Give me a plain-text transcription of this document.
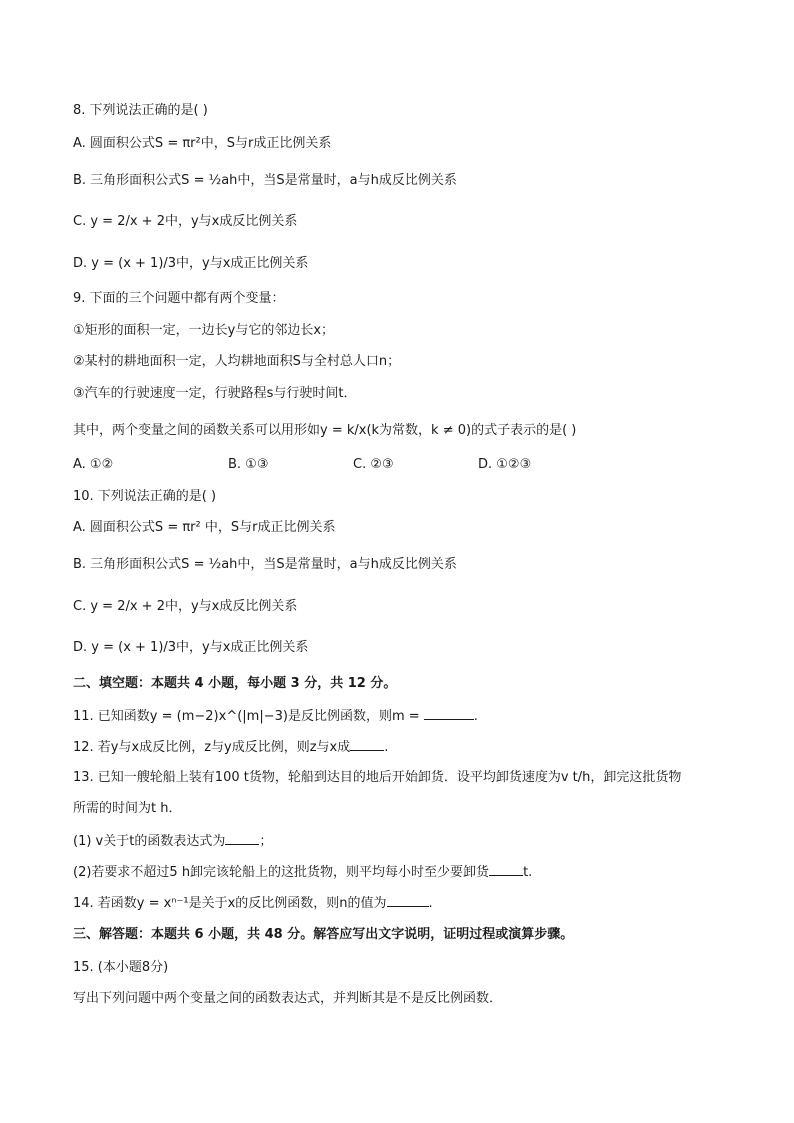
8. 下列说法正确的是( )
A. 圆面积公式S = πr²中，S与r成正比例关系
B. 三角形面积公式S = ½ah中，当S是常量时，a与h成反比例关系
C. y = 2/x + 2中，y与x成反比例关系
D. y = (x + 1)/3中，y与x成正比例关系
9. 下面的三个问题中都有两个变量：
①矩形的面积一定，一边长y与它的邻边长x；
②某村的耕地面积一定，人均耕地面积S与全村总人口n；
③汽车的行驶速度一定，行驶路程s与行驶时间t．
其中，两个变量之间的函数关系可以用形如y = k/x(k为常数，k ≠ 0)的式子表示的是( )
A. ①②	B. ①③	C. ②③	D. ①②③
10. 下列说法正确的是( )
A. 圆面积公式S = πr² 中，S与r成正比例关系
B. 三角形面积公式S = ½ah中，当S是常量时，a与h成反比例关系
C. y = 2/x + 2中，y与x成反比例关系
D. y = (x + 1)/3中，y与x成正比例关系
二、填空题：本题共 4 小题，每小题 3 分，共 12 分。
11. 已知函数y = (m−2)x^(|m|−3)是反比例函数，则m =	.
12. 若y与x成反比例，z与y成反比例，则z与x成	.
13. 已知一艘轮船上装有100 t货物，轮船到达目的地后开始卸货．设平均卸货速度为v t/h，卸完这批货物
所需的时间为t h．
(1) v关于t的函数表达式为	；
(2)若要求不超过5 h卸完该轮船上的这批货物，则平均每小时至少要卸货	t.
14. 若函数y = xⁿ⁻¹是关于x的反比例函数，则n的值为	.
三、解答题：本题共 6 小题，共 48 分。解答应写出文字说明，证明过程或演算步骤。
15. (本小题8分)
写出下列问题中两个变量之间的函数表达式，并判断其是不是反比例函数．
